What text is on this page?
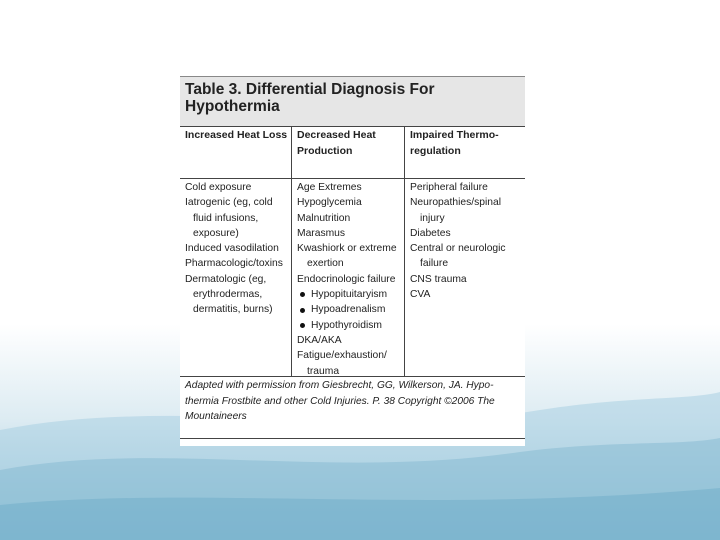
Table 3. Differential Diagnosis For
Hypothermia
Increased Heat Loss Decreased Heat
Production
Impaired Thermo-
regulation
Cold exposure
Iatrogenic (eg, cold
fluid infusions,
exposure)
Induced vasodilation
Pharmacologic/toxins
Dermatologic (eg,
erythrodermas,
dermatitis, burns)
Age Extremes
Hypoglycemia
Malnutrition
Marasmus
Kwashiork or extreme
exertion
Endocrinologic failure
Hypopituitaryism
Hypoadrenalism
Hypothyroidism
DKA/AKA
Fatigue/exhaustion/
trauma
Peripheral failure
Neuropathies/spinal
injury
Diabetes
Central or neurologic
failure
CNS trauma
CVA
Adapted with permission from Giesbrecht, GG, Wilkerson, JA. Hypo-
thermia Frostbite and other Cold Injuries. P. 38 Copyright ©2006 The
Mountaineers
